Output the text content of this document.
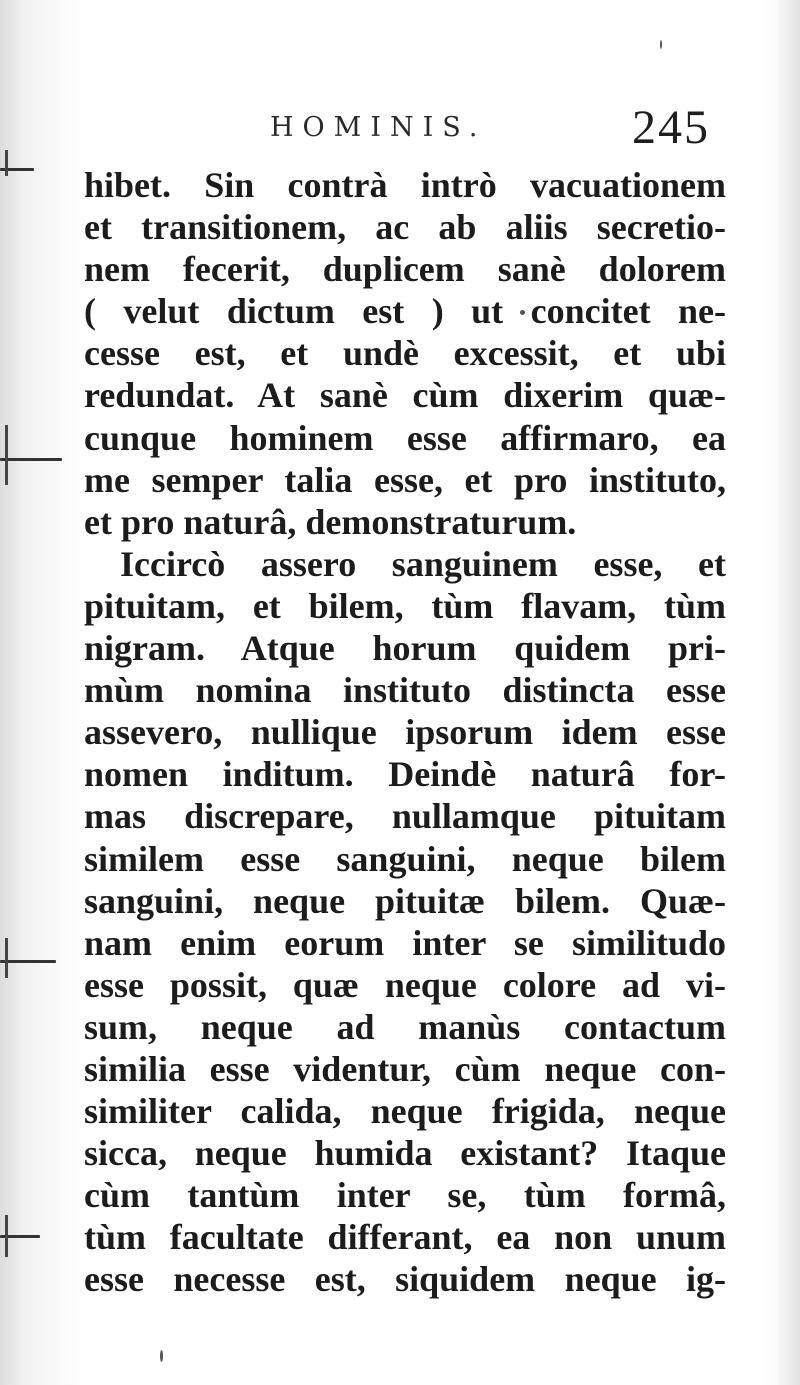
HOMINIS.	245
hibet. Sin contrà intrò vacuationem
et transitionem, ac ab aliis secretio-
nem fecerit, duplicem sanè dolorem
( velut dictum est ) ut concitet ne-
cesse est, et undè excessit, et ubi
redundat. At sanè cùm dixerim quæ-
cunque hominem esse affirmaro, ea
me semper talia esse, et pro instituto,
et pro naturâ, demonstraturum.
Iccircò assero sanguinem esse, et
pituitam, et bilem, tùm flavam, tùm
nigram. Atque horum quidem pri-
mùm nomina instituto distincta esse
assevero, nullique ipsorum idem esse
nomen inditum. Deindè naturâ for-
mas discrepare, nullamque pituitam
similem esse sanguini, neque bilem
sanguini, neque pituitæ bilem. Quæ-
nam enim eorum inter se similitudo
esse possit, quæ neque colore ad vi-
sum, neque ad manùs contactum
similia esse videntur, cùm neque con-
similiter calida, neque frigida, neque
sicca, neque humida existant? Itaque
cùm tantùm inter se, tùm formâ,
tùm facultate differant, ea non unum
esse necesse est, siquidem neque ig-
